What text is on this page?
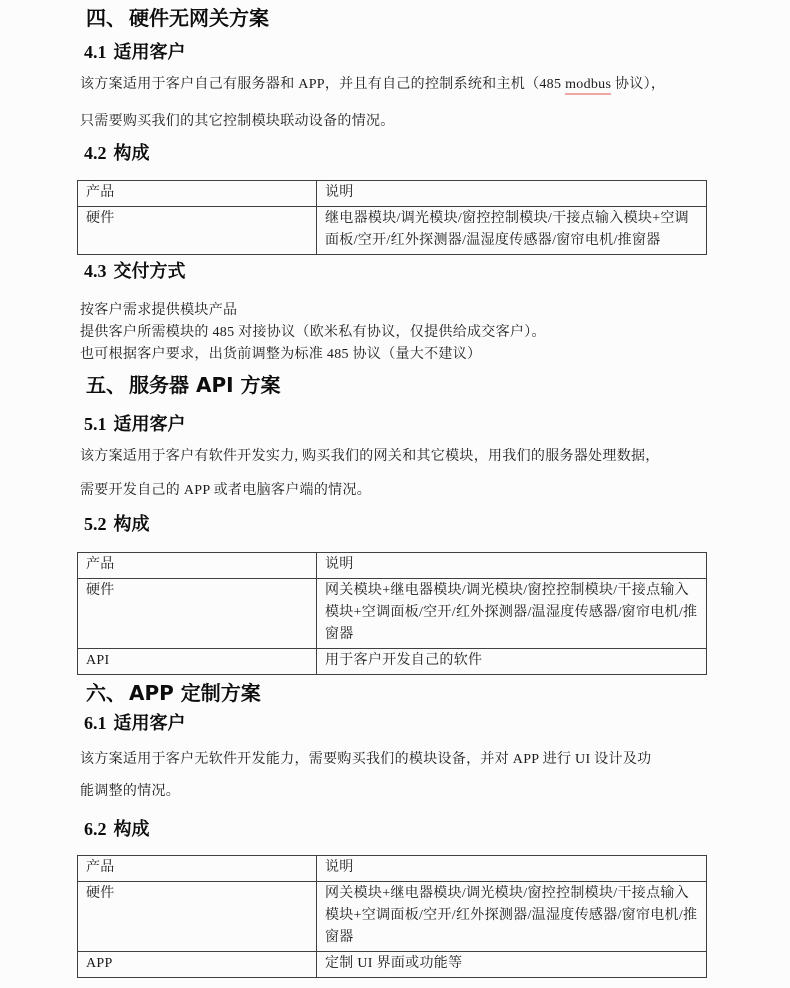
四、 硬件无网关方案
4.1 适用客户

该方案适用于客户自己有服务器和 APP，并且有自己的控制系统和主机（485 modbus 协议），

只需要购买我们的其它控制模块联动设备的情况。

4.2 构成
产品	说明
硬件	继电器模块/调光模块/窗控控制模块/干接点输入模块+空调面板/空开/红外探测器/温湿度传感器/窗帘电机/推窗器
4.3 交付方式
按客户需求提供模块产品
提供客户所需模块的 485 对接协议（欧米私有协议，仅提供给成交客户）。
也可根据客户要求，出货前调整为标准 485 协议（量大不建议）
五、 服务器 API 方案
5.1 适用客户

该方案适用于客户有软件开发实力, 购买我们的网关和其它模块，用我们的服务器处理数据，

需要开发自己的 APP 或者电脑客户端的情况。

5.2 构成
产品	说明
硬件	网关模块+继电器模块/调光模块/窗控控制模块/干接点输入模块+空调面板/空开/红外探测器/温湿度传感器/窗帘电机/推窗器
API	用于客户开发自己的软件
六、 APP 定制方案
6.1 适用客户

该方案适用于客户无软件开发能力，需要购买我们的模块设备，并对 APP 进行 UI 设计及功

能调整的情况。

6.2 构成
产品	说明
硬件	网关模块+继电器模块/调光模块/窗控控制模块/干接点输入模块+空调面板/空开/红外探测器/温湿度传感器/窗帘电机/推窗器
APP	定制 UI 界面或功能等
